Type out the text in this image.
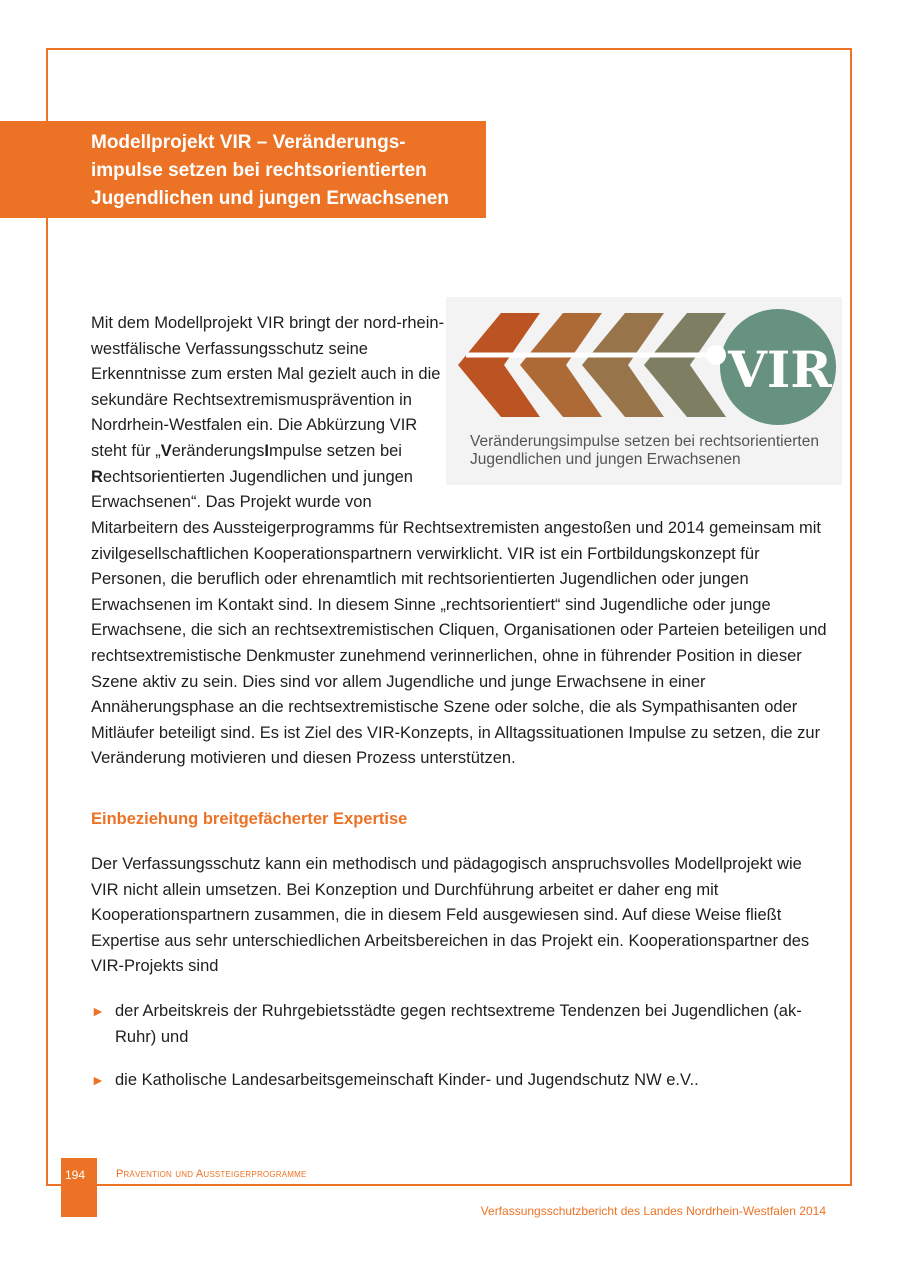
Modellprojekt VIR – Veränderungs-impulse setzen bei rechtsorientierten Jugendlichen und jungen Erwachsenen
VIR
Veränderungsimpulse setzen bei rechtsorientierten Jugendlichen und jungen Erwachsenen

Mit dem Modellprojekt VIR bringt der nord-rhein-westfälische Verfassungsschutz seine Erkenntnisse zum ersten Mal gezielt auch in die sekundäre Rechtsextremismusprävention in Nordrhein-Westfalen ein. Die Abkürzung VIR steht für „VeränderungsImpulse setzen bei Rechtsorientierten Jugendlichen und jungen Erwachsenen“. Das Projekt wurde von

Mitarbeitern des Aussteigerprogramms für Rechtsextremisten angestoßen und 2014 gemeinsam mit zivilgesellschaftlichen Kooperationspartnern verwirklicht. VIR ist ein Fortbildungskonzept für Personen, die beruflich oder ehrenamtlich mit rechtsorientierten Jugendlichen oder jungen Erwachsenen im Kontakt sind. In diesem Sinne „rechtsorientiert“ sind Jugendliche oder junge Erwachsene, die sich an rechtsextremistischen Cliquen, Organisationen oder Parteien beteiligen und rechtsextremistische Denkmuster zunehmend verinnerlichen, ohne in führender Position in dieser Szene aktiv zu sein. Dies sind vor allem Jugendliche und junge Erwachsene in einer Annäherungsphase an die rechtsextremistische Szene oder solche, die als Sympathisanten oder Mitläufer beteiligt sind. Es ist Ziel des VIR-Konzepts, in Alltagssituationen Impulse zu setzen, die zur Veränderung motivieren und diesen Prozess unterstützen.

Einbeziehung breitgefächerter Expertise

Der Verfassungsschutz kann ein methodisch und pädagogisch anspruchsvolles Modellprojekt wie VIR nicht allein umsetzen. Bei Konzeption und Durchführung arbeitet er daher eng mit Kooperationspartnern zusammen, die in diesem Feld ausgewiesen sind. Auf diese Weise fließt Expertise aus sehr unterschiedlichen Arbeitsbereichen in das Projekt ein. Kooperationspartner des VIR-Projekts sind

► der Arbeitskreis der Ruhrgebietsstädte gegen rechtsextreme Tendenzen bei Jugendlichen (ak-Ruhr) und
► die Katholische Landesarbeitsgemeinschaft Kinder- und Jugendschutz NW e.V..
194	Prävention und Aussteigerprogramme
Verfassungsschutzbericht des Landes Nordrhein-Westfalen 2014
